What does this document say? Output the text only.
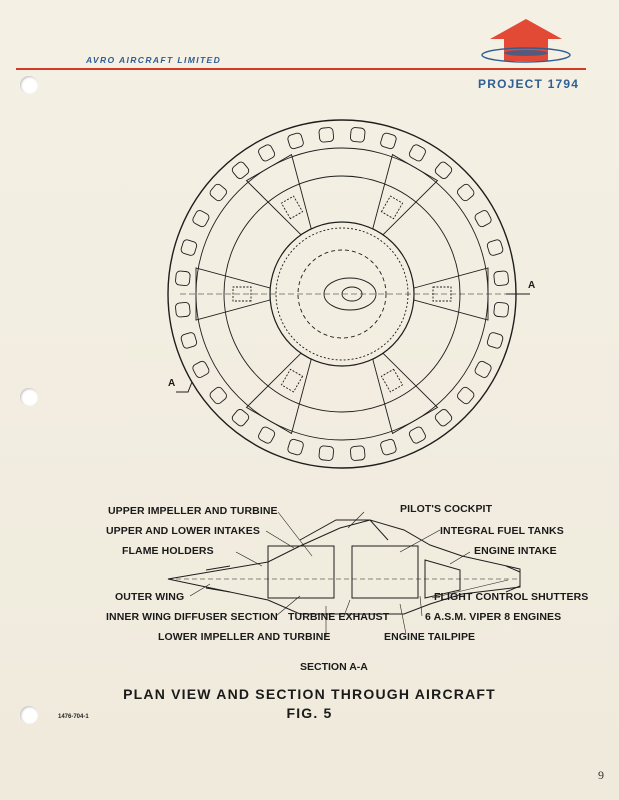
AVRO AIRCRAFT LIMITED
PROJECT 1794
A
A
UPPER IMPELLER AND TURBINE
UPPER AND LOWER INTAKES
FLAME HOLDERS
OUTER WING
INNER WING DIFFUSER SECTION
LOWER IMPELLER AND TURBINE
PILOT'S COCKPIT
INTEGRAL FUEL TANKS
ENGINE INTAKE
FLIGHT CONTROL SHUTTERS
TURBINE EXHAUST	6 A.S.M. VIPER 8 ENGINES
ENGINE TAILPIPE
SECTION A-A
PLAN VIEW AND SECTION THROUGH AIRCRAFT
FIG. 5
1476-704-1
9
